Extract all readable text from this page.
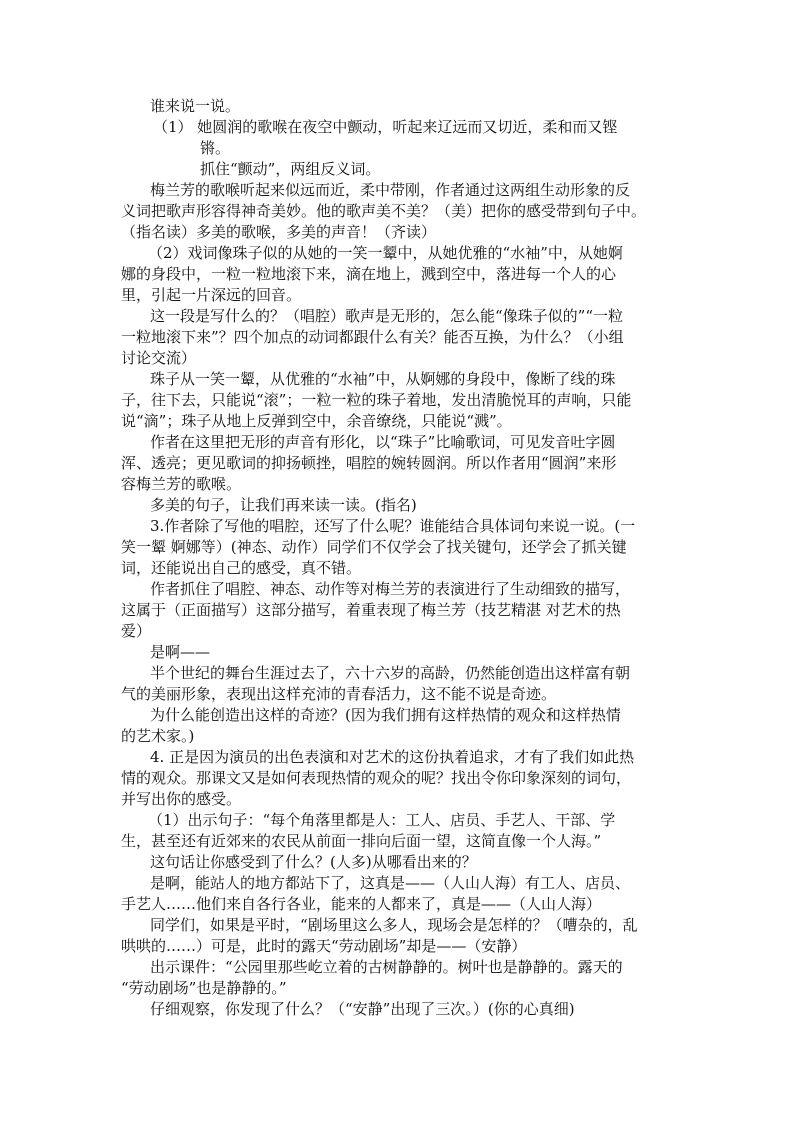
谁来说一说。
（1） 她圆润的歌喉在夜空中颤动，听起来辽远而又切近，柔和而又铿
锵。
抓住“颤动”，两组反义词。
梅兰芳的歌喉听起来似远而近，柔中带刚，作者通过这两组生动形象的反
义词把歌声形容得神奇美妙。他的歌声美不美？（美）把你的感受带到句子中。
（指名读）多美的歌喉，多美的声音！（齐读）
（2）戏词像珠子似的从她的一笑一颦中，从她优雅的“水袖”中，从她婀
娜的身段中，一粒一粒地滚下来，滴在地上，溅到空中，落进每一个人的心
里，引起一片深远的回音。
这一段是写什么的？（唱腔）歌声是无形的，怎么能“像珠子似的”“一粒
一粒地滚下来”？四个加点的动词都跟什么有关？能否互换，为什么？（小组
讨论交流）
珠子从一笑一颦，从优雅的“水袖”中，从婀娜的身段中，像断了线的珠
子，往下去，只能说“滚”；一粒一粒的珠子着地，发出清脆悦耳的声响，只能
说“滴”；珠子从地上反弹到空中，余音缭绕，只能说“溅”。
作者在这里把无形的声音有形化，以“珠子”比喻歌词，可见发音吐字圆
浑、透亮；更见歌词的抑扬顿挫，唱腔的婉转圆润。所以作者用“圆润”来形
容梅兰芳的歌喉。
多美的句子，让我们再来读一读。(指名)
3.作者除了写他的唱腔，还写了什么呢？谁能结合具体词句来说一说。(一
笑一颦 婀娜等）(神态、动作）同学们不仅学会了找关键句，还学会了抓关键
词，还能说出自己的感受，真不错。
作者抓住了唱腔、神态、动作等对梅兰芳的表演进行了生动细致的描写，
这属于（正面描写）这部分描写，着重表现了梅兰芳（技艺精湛 对艺术的热
爱）
是啊——
半个世纪的舞台生涯过去了，六十六岁的高龄，仍然能创造出这样富有朝
气的美丽形象，表现出这样充沛的青春活力，这不能不说是奇迹。
为什么能创造出这样的奇迹？(因为我们拥有这样热情的观众和这样热情
的艺术家。)
4. 正是因为演员的出色表演和对艺术的这份执着追求，才有了我们如此热
情的观众。那课文又是如何表现热情的观众的呢？找出令你印象深刻的词句，
并写出你的感受。
（1）出示句子：“每个角落里都是人：工人、店员、手艺人、干部、学
生，甚至还有近郊来的农民从前面一排向后面一望，这简直像一个人海。”
这句话让你感受到了什么？(人多)从哪看出来的？
是啊，能站人的地方都站下了，这真是——（人山人海）有工人、店员、
手艺人……他们来自各行各业，能来的人都来了，真是——（人山人海）
同学们，如果是平时，“剧场里这么多人，现场会是怎样的？（嘈杂的，乱
哄哄的……）可是，此时的露天“劳动剧场”却是——（安静）
出示课件：“公园里那些屹立着的古树静静的。树叶也是静静的。露天的
“劳动剧场”也是静静的。”
仔细观察，你发现了什么？（“安静”出现了三次。）(你的心真细)
